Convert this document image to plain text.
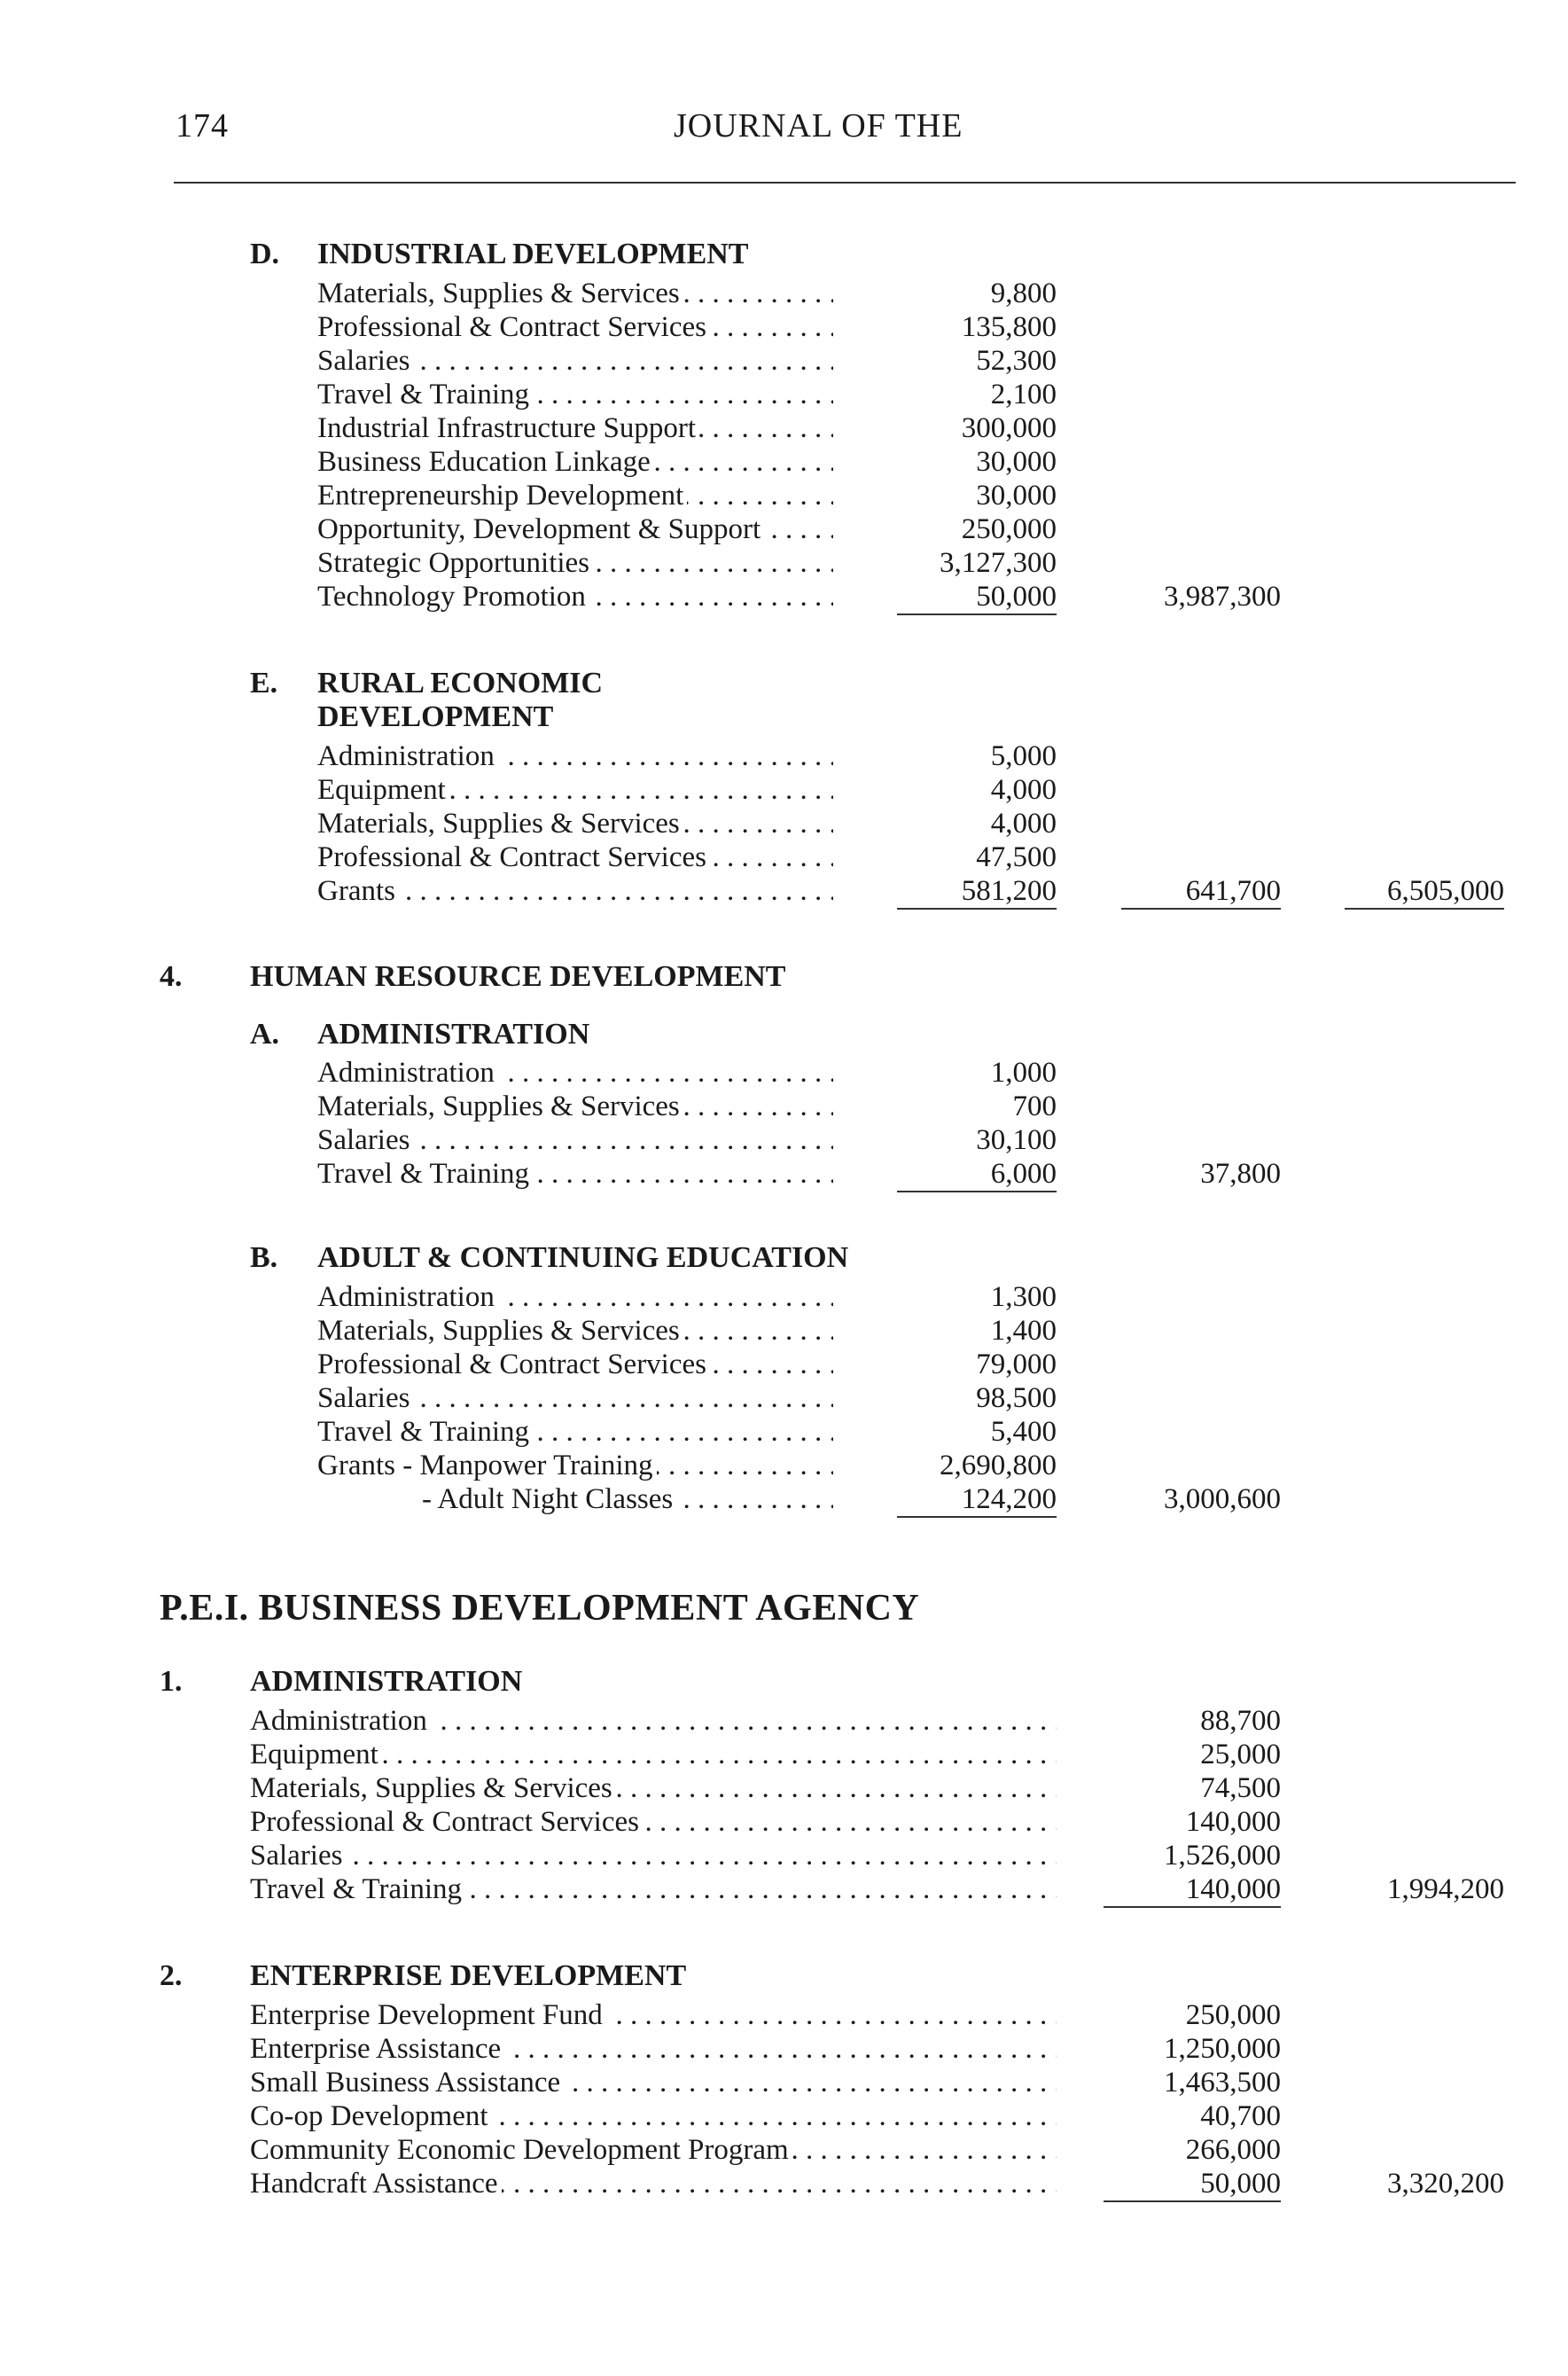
174	JOURNAL OF THE
D. INDUSTRIAL DEVELOPMENT
Materials, Supplies & Services . . .	9,800
Professional & Contract Services . . .	135,800
Salaries . . .	52,300
Travel & Training . . .	2,100
Industrial Infrastructure Support . . .	300,000
Business Education Linkage . . .	30,000
Entrepreneurship Development . . .	30,000
Opportunity, Development & Support . . .	250,000
Strategic Opportunities . . .	3,127,300
Technology Promotion . . .	50,000	3,987,300
E. RURAL ECONOMIC
DEVELOPMENT
Administration . . .	5,000
Equipment . . .	4,000
Materials, Supplies & Services . . .	4,000
Professional & Contract Services . . .	47,500
Grants . . .	581,200	641,700	6,505,000
4. HUMAN RESOURCE DEVELOPMENT
A. ADMINISTRATION
Administration . . .	1,000
Materials, Supplies & Services . . .	700
Salaries . . .	30,100
Travel & Training . . .	6,000	37,800
B. ADULT & CONTINUING EDUCATION
Administration . . .	1,300
Materials, Supplies & Services . . .	1,400
Professional & Contract Services . . .	79,000
Salaries . . .	98,500
Travel & Training . . .	5,400
Grants - Manpower Training . . .	2,690,800
- Adult Night Classes . . .	124,200	3,000,600
P.E.I. BUSINESS DEVELOPMENT AGENCY
1. ADMINISTRATION
Administration . . .	88,700
Equipment . . .	25,000
Materials, Supplies & Services . . .	74,500
Professional & Contract Services . . .	140,000
Salaries . . .	1,526,000
Travel & Training . . .	140,000	1,994,200
2. ENTERPRISE DEVELOPMENT
Enterprise Development Fund . . .	250,000
Enterprise Assistance . . .	1,250,000
Small Business Assistance . . .	1,463,500
Co-op Development . . .	40,700
Community Economic Development Program . . .	266,000
Handcraft Assistance . . .	50,000	3,320,200
